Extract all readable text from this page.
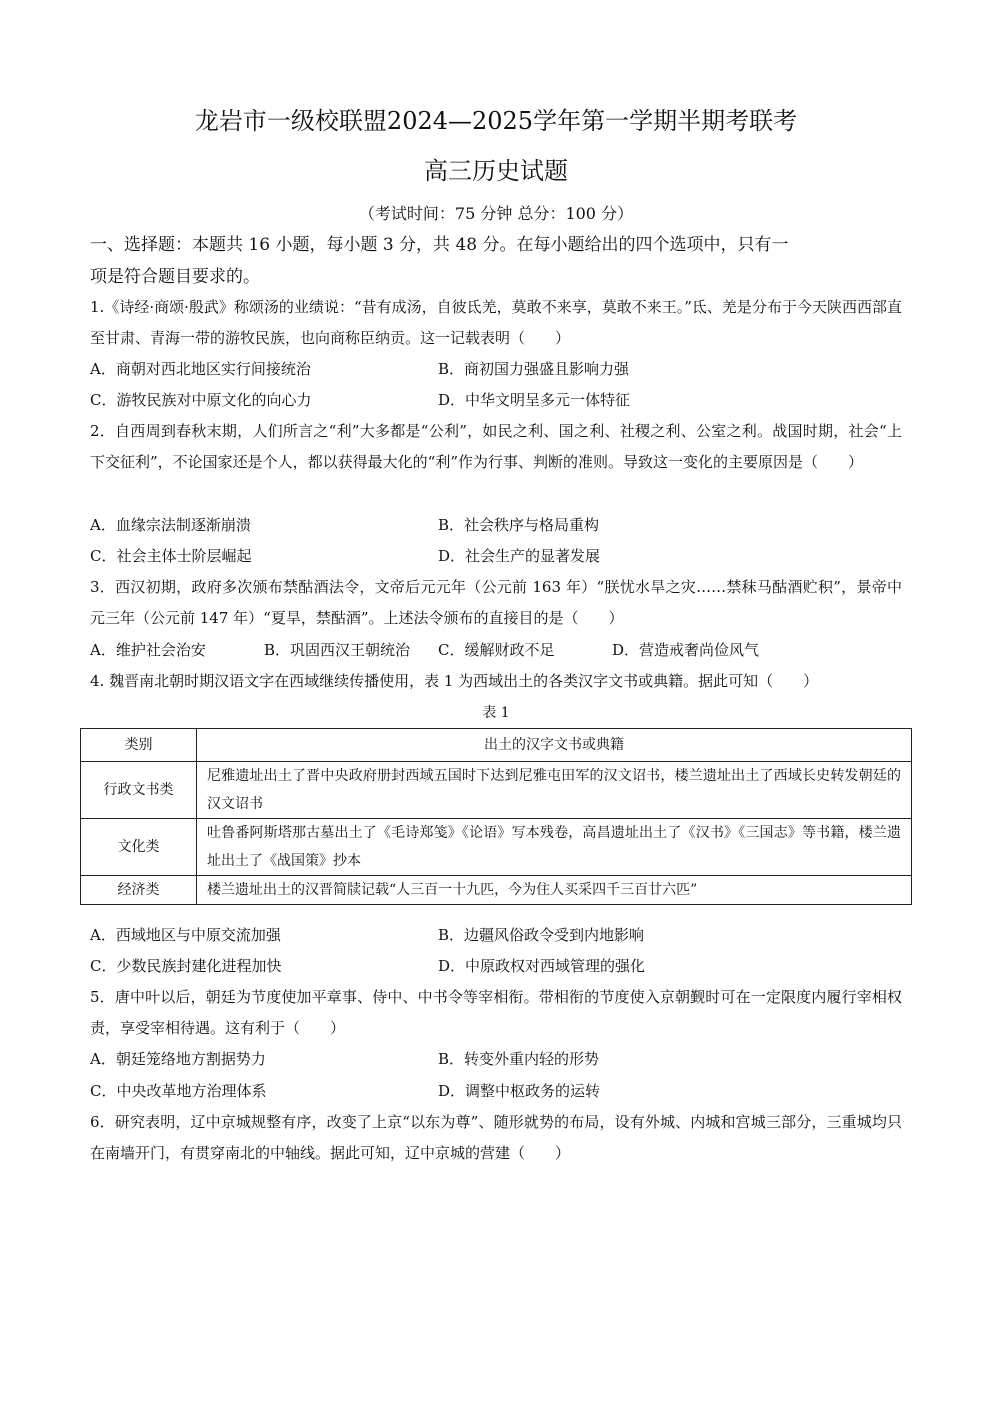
龙岩市一级校联盟2024—2025学年第一学期半期考联考
高三历史试题
（考试时间：75 分钟 总分：100 分）
一、选择题：本题共 16 小题，每小题 3 分，共 48 分。在每小题给出的四个选项中，只有一
项是符合题目要求的。
1.《诗经·商颂·殷武》称颂汤的业绩说：“昔有成汤，自彼氐羌，莫敢不来享，莫敢不来王。”氐、羌是分布于今天陕西西部直至甘肃、青海一带的游牧民族，也向商称臣纳贡。这一记载表明（　　）
A．商朝对西北地区实行间接统治	B．商初国力强盛且影响力强
C．游牧民族对中原文化的向心力	D．中华文明呈多元一体特征
2．自西周到春秋末期，人们所言之“利”大多都是“公利”，如民之利、国之利、社稷之利、公室之利。战国时期，社会“上下交征利”，不论国家还是个人，都以获得最大化的“利”作为行事、判断的准则。导致这一变化的主要原因是（　　）
A．血缘宗法制逐渐崩溃	B．社会秩序与格局重构
C．社会主体士阶层崛起	D．社会生产的显著发展
3．西汉初期，政府多次颁布禁酤酒法令，文帝后元元年（公元前 163 年）“朕忧水旱之灾……禁秣马酤酒贮积”，景帝中元三年（公元前 147 年）“夏旱，禁酤酒”。上述法令颁布的直接目的是（　　）
A．维护社会治安	B．巩固西汉王朝统治 C．缓解财政不足	D．营造戒奢尚俭风气
4. 魏晋南北朝时期汉语文字在西域继续传播使用，表 1 为西域出土的各类汉字文书或典籍。据此可知（　　）
表 1
类别	出土的汉字文书或典籍
行政文书类	尼雅遗址出土了晋中央政府册封西域五国时下达到尼雅屯田军的汉文诏书，楼兰遗址出土了西域长史转发朝廷的汉文诏书
文化类	吐鲁番阿斯塔那古墓出土了《毛诗郑笺》《论语》写本残卷，高昌遗址出土了《汉书》《三国志》等书籍，楼兰遗址出土了《战国策》抄本
经济类	楼兰遗址出土的汉晋简牍记载“人三百一十九匹，今为住人买采四千三百廿六匹”
A．西域地区与中原交流加强	B．边疆风俗政令受到内地影响
C．少数民族封建化进程加快	D．中原政权对西域管理的强化
5．唐中叶以后，朝廷为节度使加平章事、侍中、中书令等宰相衔。带相衔的节度使入京朝觐时可在一定限度内履行宰相权责，享受宰相待遇。这有利于（　　）
A．朝廷笼络地方割据势力	B．转变外重内轻的形势
C．中央改革地方治理体系	D．调整中枢政务的运转
6．研究表明，辽中京城规整有序，改变了上京“以东为尊”、随形就势的布局，设有外城、内城和宫城三部分，三重城均只在南墙开门，有贯穿南北的中轴线。据此可知，辽中京城的营建（　　）
